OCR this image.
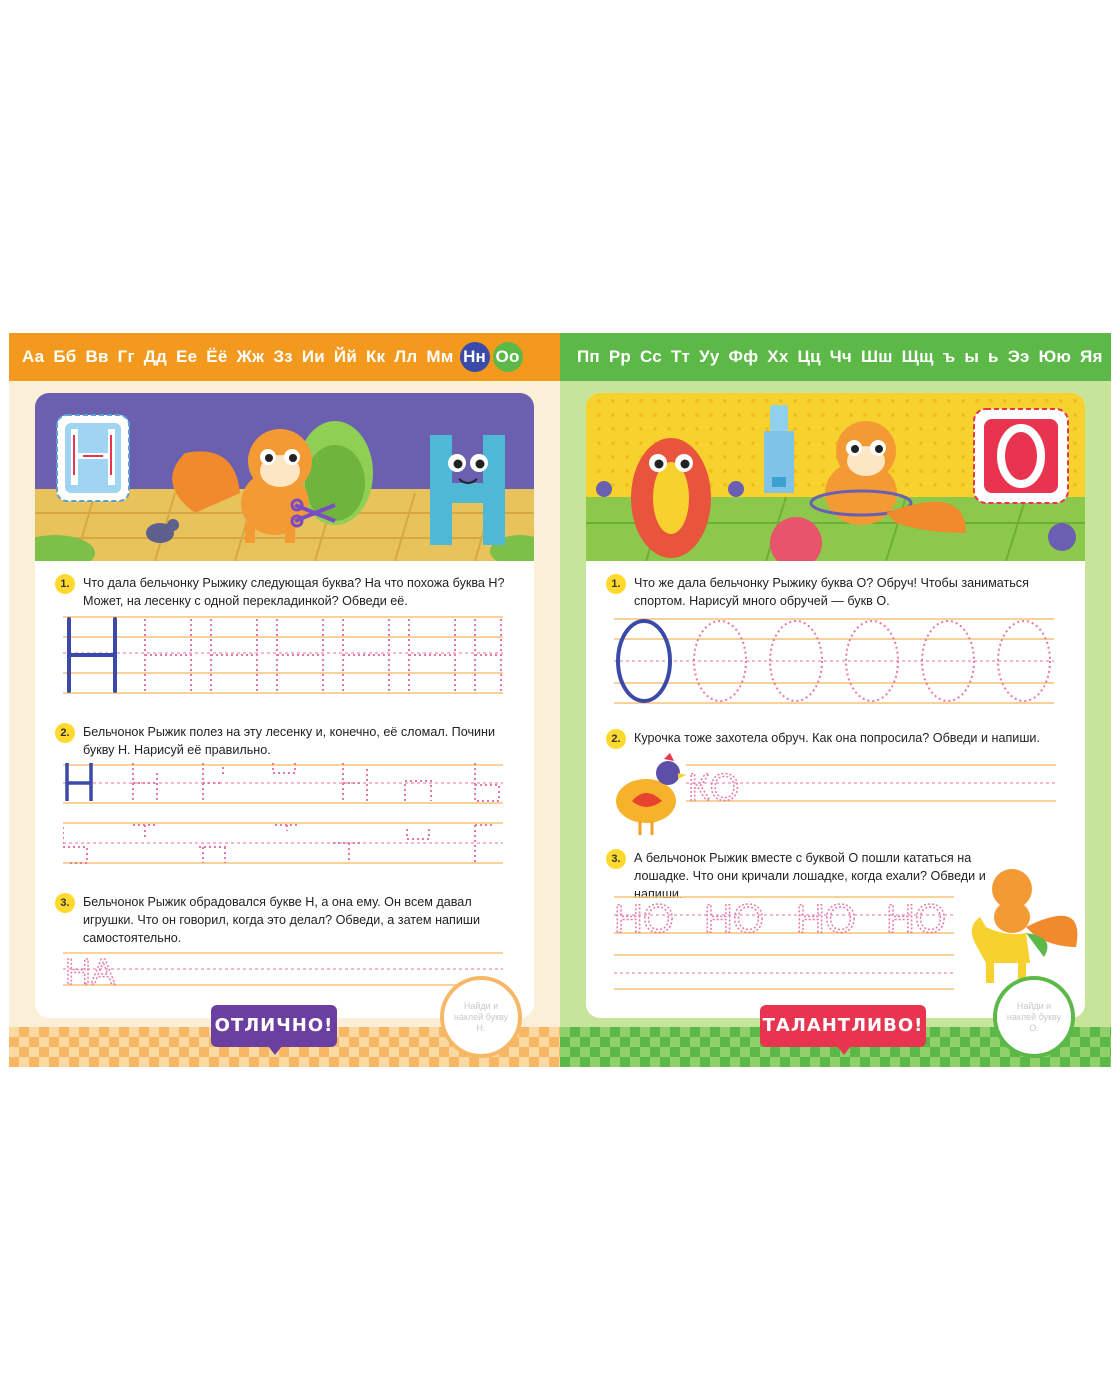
Аа Бб Вв Гг Дд Ее Ёё Жж Зз Ии Йй Кк Лл Мм Нн Оо
1.	Что дала бельчонку Рыжику следующая буква? На что похожа буква Н? Может, на лесенку с одной перекладинкой? Обведи её.

2.	Бельчонок Рыжик полез на эту лесенку и, конечно, её сломал. Почини букву Н. Нарисуй её правильно.

3.	Бельчонок Рыжик обрадовался букве Н, а она ему. Он всем давал игрушки. Что он говорил, когда это делал? Обведи, а затем напиши самостоятельно.

НА
ОТЛИЧНО!
Найди и наклей букву Н.
Пп Рр Сс Тт Уу Фф Хх Цц Чч Шш Щщ ъ ы ь Ээ Юю Яя
1.	Что же дала бельчонку Рыжику буква О? Обруч! Чтобы заниматься спортом. Нарисуй много обручей — букв О.

2.	Курочка тоже захотела обруч. Как она попросила? Обведи и напиши.

КО
3.	А бельчонок Рыжик вместе с буквой О пошли кататься на лошадке. Что они кричали лошадке, когда ехали? Обведи и напиши.

НО НО НО НО
ТАЛАНТЛИВО!
Найди и наклей букву О.
